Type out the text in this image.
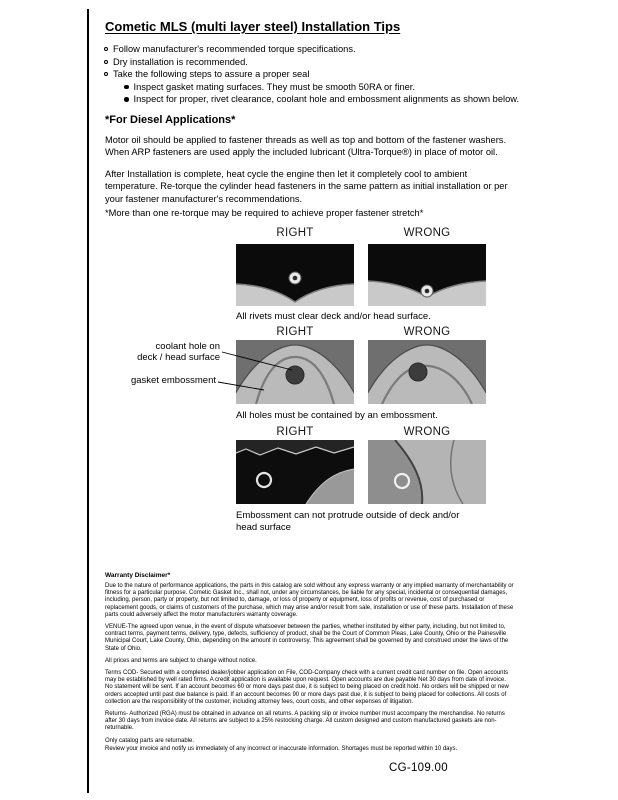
Cometic MLS (multi layer steel) Installation Tips
Follow manufacturer's recommended torque specifications.
Dry installation is recommended.
Take the following steps to assure a proper seal
Inspect gasket mating surfaces. They must be smooth 50RA or finer.
Inspect for proper, rivet clearance, coolant hole and embossment alignments as shown below.
*For Diesel Applications*

Motor oil should be applied to fastener threads as well as top and bottom of the fastener washers. When ARP fasteners are used apply the included lubricant (Ultra-Torque®) in place of motor oil.

After Installation is complete, heat cycle the engine then let it completely cool to ambient temperature. Re-torque the cylinder head fasteners in the same pattern as initial installation or per your fastener manufacturer's recommendations.

*More than one re-torque may be required to achieve proper fastener stretch*

RIGHT	WRONG

All rivets must clear deck and/or head surface.

RIGHT	WRONG
coolant hole on
deck / head surface
gasket embossment

All holes must be contained by an embossment.

RIGHT	WRONG

Embossment can not protrude outside of deck and/or head surface

Warranty Disclaimer*

Due to the nature of performance applications, the parts in this catalog are sold without any express warranty or any implied warranty of merchantability or fitness for a particular purpose. Cometic Gasket Inc., shall not, under any circumstances, be liable for any special, incidental or consequential damages, including, person, party or property, but not limited to, damage, or loss of property or equipment, loss of profits or revenue, cost of purchased or replacement goods, or claims of customers of the purchase, which may arise and/or result from sale, installation or use of these parts. Installation of these parts could adversely affect the motor manufacturers warranty coverage.

VENUE-The agreed upon venue, in the event of dispute whatsoever between the parties, whether instituted by either party, including, but not limited to, contract terms, payment terms, delivery, type, defects, sufficiency of product, shall be the Court of Common Pleas, Lake County, Ohio or the Painesville Municipal Court, Lake County, Ohio, depending on the amount in controversy. This agreement shall be governed by and construed under the laws of the State of Ohio.

All prices and terms are subject to change without notice.

Terms COD- Secured with a completed dealer/jobber application on File, COD-Company check with a current credit card number on file. Open accounts may be established by well rated firms. A credit application is available upon request. Open accounts are due payable Net 30 days from date of invoice. No statement will be sent. If an account becomes 60 or more days past due, it is subject to being placed on credit hold. No orders will be shipped or new orders accepted until past due balance is paid. If an account becomes 90 or more days past due, it is subject to being placed for collections. All costs of collection are the responsibility of the customer, including attorney fees, court costs, and other expenses of litigation.

Returns- Authorized (RGA) must be obtained in advance on all returns. A packing slip or invoice number must accompany the merchandise. No returns after 30 days from invoice date. All returns are subject to a 25% restocking charge. All custom designed and custom manufactured gaskets are non-returnable.

Only catalog parts are returnable.

Review your invoice and notify us immediately of any incorrect or inaccurate information. Shortages must be reported within 10 days.

CG-109.00
